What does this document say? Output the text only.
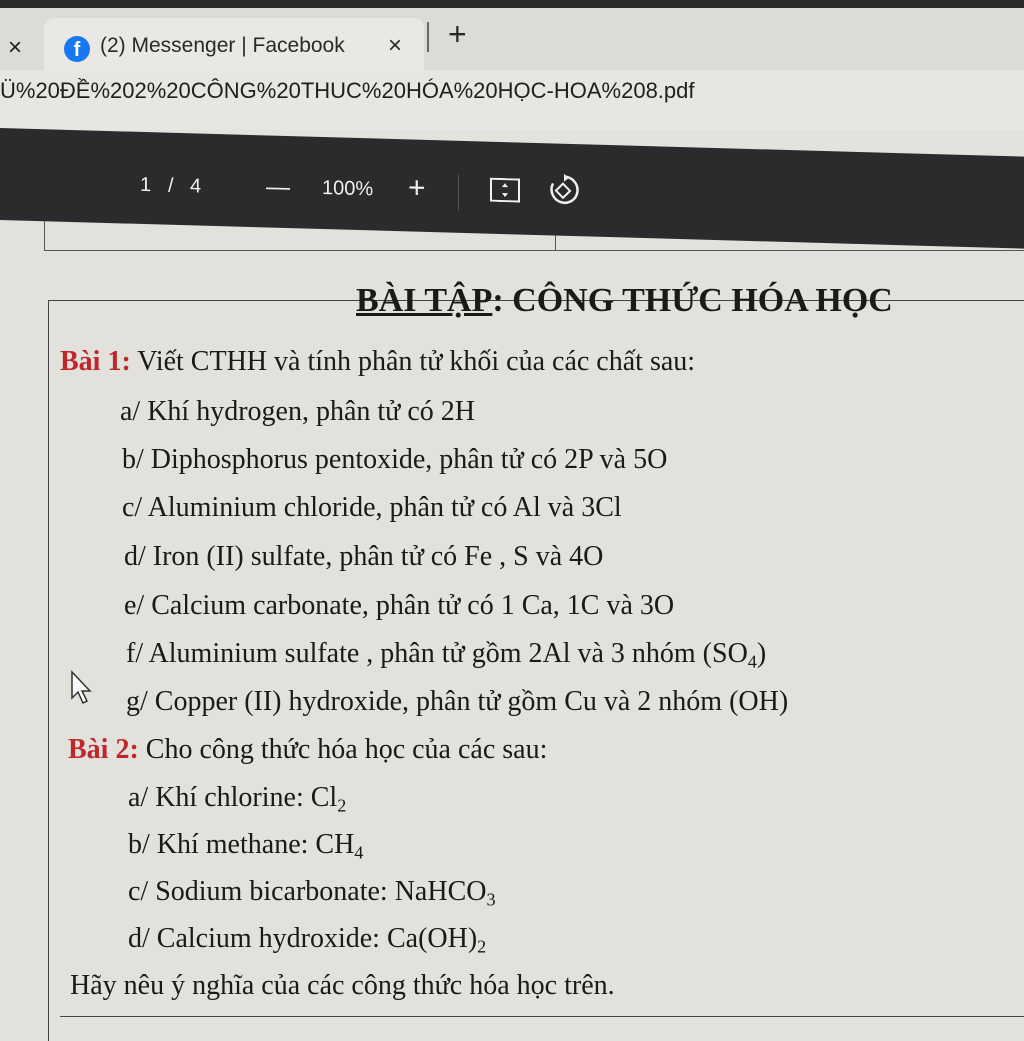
×	f (2) Messenger | Facebook × +
Ü%20ĐỀ%202%20CÔNG%20THUC%20HÓA%20HỌC-HOA%208.pdf
1 / 4	— 100% +
BÀI TẬP: CÔNG THỨC HÓA HỌC
Bài 1: Viết CTHH và tính phân tử khối của các chất sau:
a/ Khí hydrogen, phân tử có 2H
b/ Diphosphorus pentoxide, phân tử có 2P và 5O
c/ Aluminium chloride, phân tử có Al và 3Cl
d/ Iron (II) sulfate, phân tử có Fe , S và 4O
e/ Calcium carbonate, phân tử có 1 Ca, 1C và 3O
f/ Aluminium sulfate , phân tử gồm 2Al và 3 nhóm $(SO_4)$
g/ Copper (II) hydroxide, phân tử gồm Cu và 2 nhóm (OH)
Bài 2: Cho công thức hóa học của các sau:
a/ Khí chlorine: $Cl_2$
b/ Khí methane: $CH_4$
c/ Sodium bicarbonate: NaHCO$_3$
d/ Calcium hydroxide: $Ca(OH)_2$
Hãy nêu ý nghĩa của các công thức hóa học trên.
